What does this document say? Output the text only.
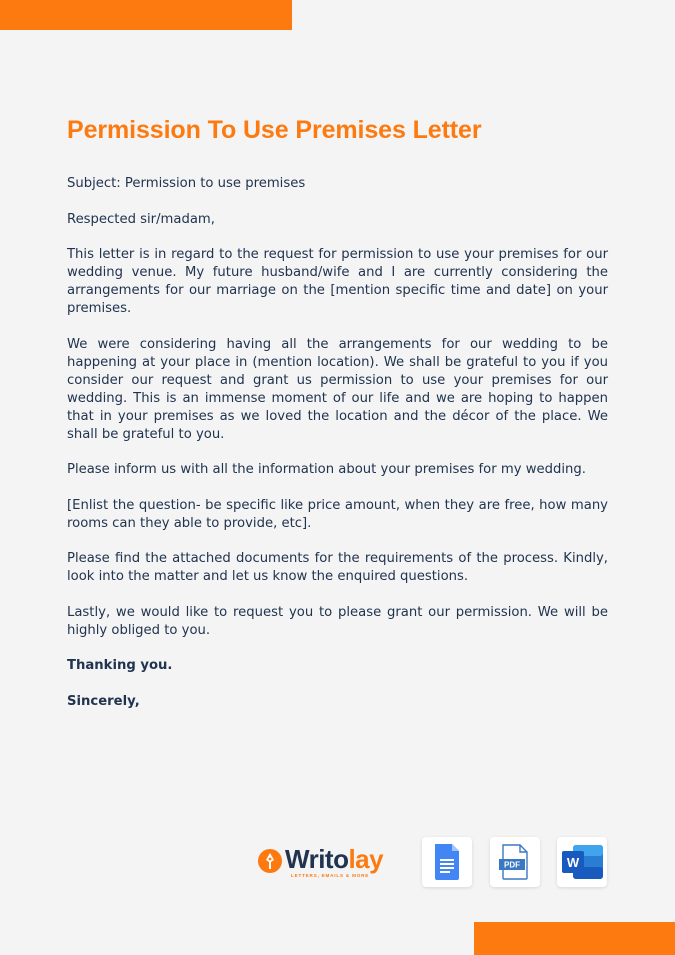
Permission To Use Premises Letter

Subject: Permission to use premises

Respected sir/madam,

This letter is in regard to the request for permission to use your premises for our wedding venue. My future husband/wife and I are currently considering the arrangements for our marriage on the [mention specific time and date] on your premises.

We were considering having all the arrangements for our wedding to be happening at your place in (mention location). We shall be grateful to you if you consider our request and grant us permission to use your premises for our wedding. This is an immense moment of our life and we are hoping to happen that in your premises as we loved the location and the décor of the place. We shall be grateful to you.

Please inform us with all the information about your premises for my wedding.

[Enlist the question- be specific like price amount, when they are free, how many rooms can they able to provide, etc].

Please find the attached documents for the requirements of the process. Kindly, look into the matter and let us know the enquired questions.

Lastly, we would like to request you to please grant our permission. We will be highly obliged to you.

Thanking you.

Sincerely,

Writolay
LETTERS, EMAILS & MORE
PDF	W
